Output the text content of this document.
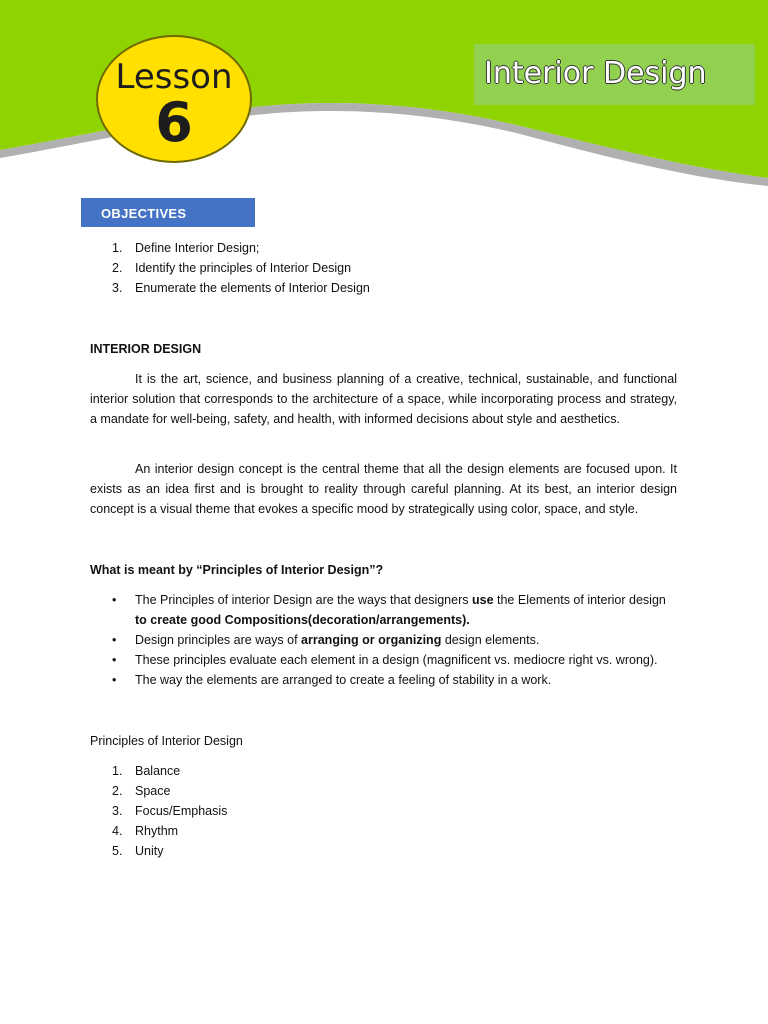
Lesson
6
Interior Design
OBJECTIVES
1. Define Interior Design;
2. Identify the principles of Interior Design
3. Enumerate the elements of Interior Design
INTERIOR DESIGN

It is the art, science, and business planning of a creative, technical, sustainable, and functional interior solution that corresponds to the architecture of a space, while incorporating process and strategy, a mandate for well-being, safety, and health, with informed decisions about style and aesthetics.

An interior design concept is the central theme that all the design elements are focused upon. It exists as an idea first and is brought to reality through careful planning. At its best, an interior design concept is a visual theme that evokes a specific mood by strategically using color, space, and style.

What is meant by “Principles of Interior Design”?
• The Principles of interior Design are the ways that designers use the Elements of interior design to create good Compositions(decoration/arrangements).
• Design principles are ways of arranging or organizing design elements.
• These principles evaluate each element in a design (magnificent vs. mediocre right vs. wrong).
• The way the elements are arranged to create a feeling of stability in a work.
Principles of Interior Design
1. Balance
2. Space
3. Focus/Emphasis
4. Rhythm
5. Unity
